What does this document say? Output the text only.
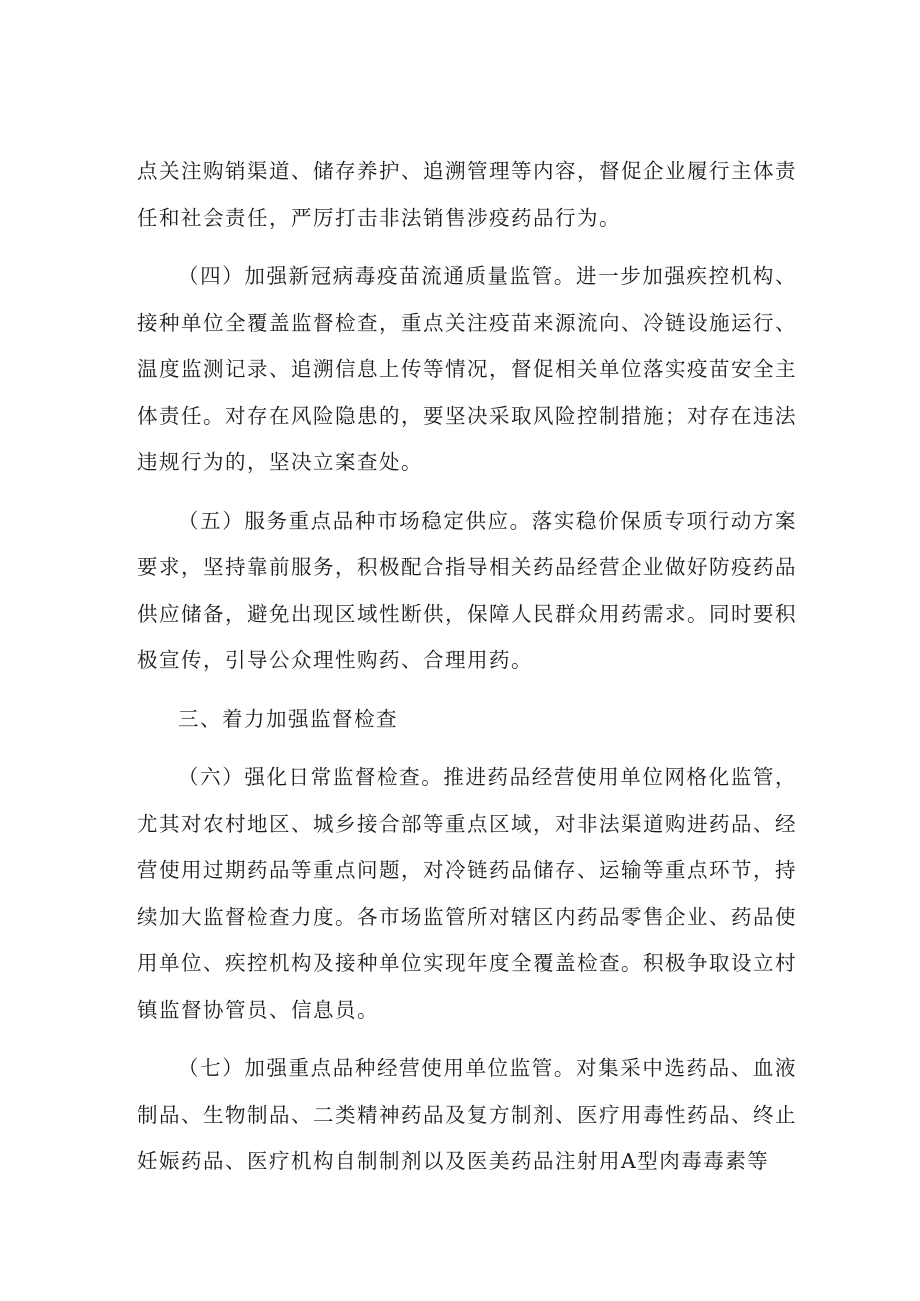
点关注购销渠道、储存养护、追溯管理等内容，督促企业履行主体责任和社会责任，严厉打击非法销售涉疫药品行为。

（四）加强新冠病毒疫苗流通质量监管。进一步加强疾控机构、接种单位全覆盖监督检查，重点关注疫苗来源流向、冷链设施运行、温度监测记录、追溯信息上传等情况，督促相关单位落实疫苗安全主体责任。对存在风险隐患的，要坚决采取风险控制措施；对存在违法违规行为的，坚决立案查处。

（五）服务重点品种市场稳定供应。落实稳价保质专项行动方案要求，坚持靠前服务，积极配合指导相关药品经营企业做好防疫药品供应储备，避免出现区域性断供，保障人民群众用药需求。同时要积极宣传，引导公众理性购药、合理用药。

三、着力加强监督检查

（六）强化日常监督检查。推进药品经营使用单位网格化监管，尤其对农村地区、城乡接合部等重点区域，对非法渠道购进药品、经营使用过期药品等重点问题，对冷链药品储存、运输等重点环节，持续加大监督检查力度。各市场监管所对辖区内药品零售企业、药品使用单位、疾控机构及接种单位实现年度全覆盖检查。积极争取设立村镇监督协管员、信息员。

（七）加强重点品种经营使用单位监管。对集采中选药品、血液制品、生物制品、二类精神药品及复方制剂、医疗用毒性药品、终止妊娠药品、医疗机构自制制剂以及医美药品注射用A型肉毒毒素等
